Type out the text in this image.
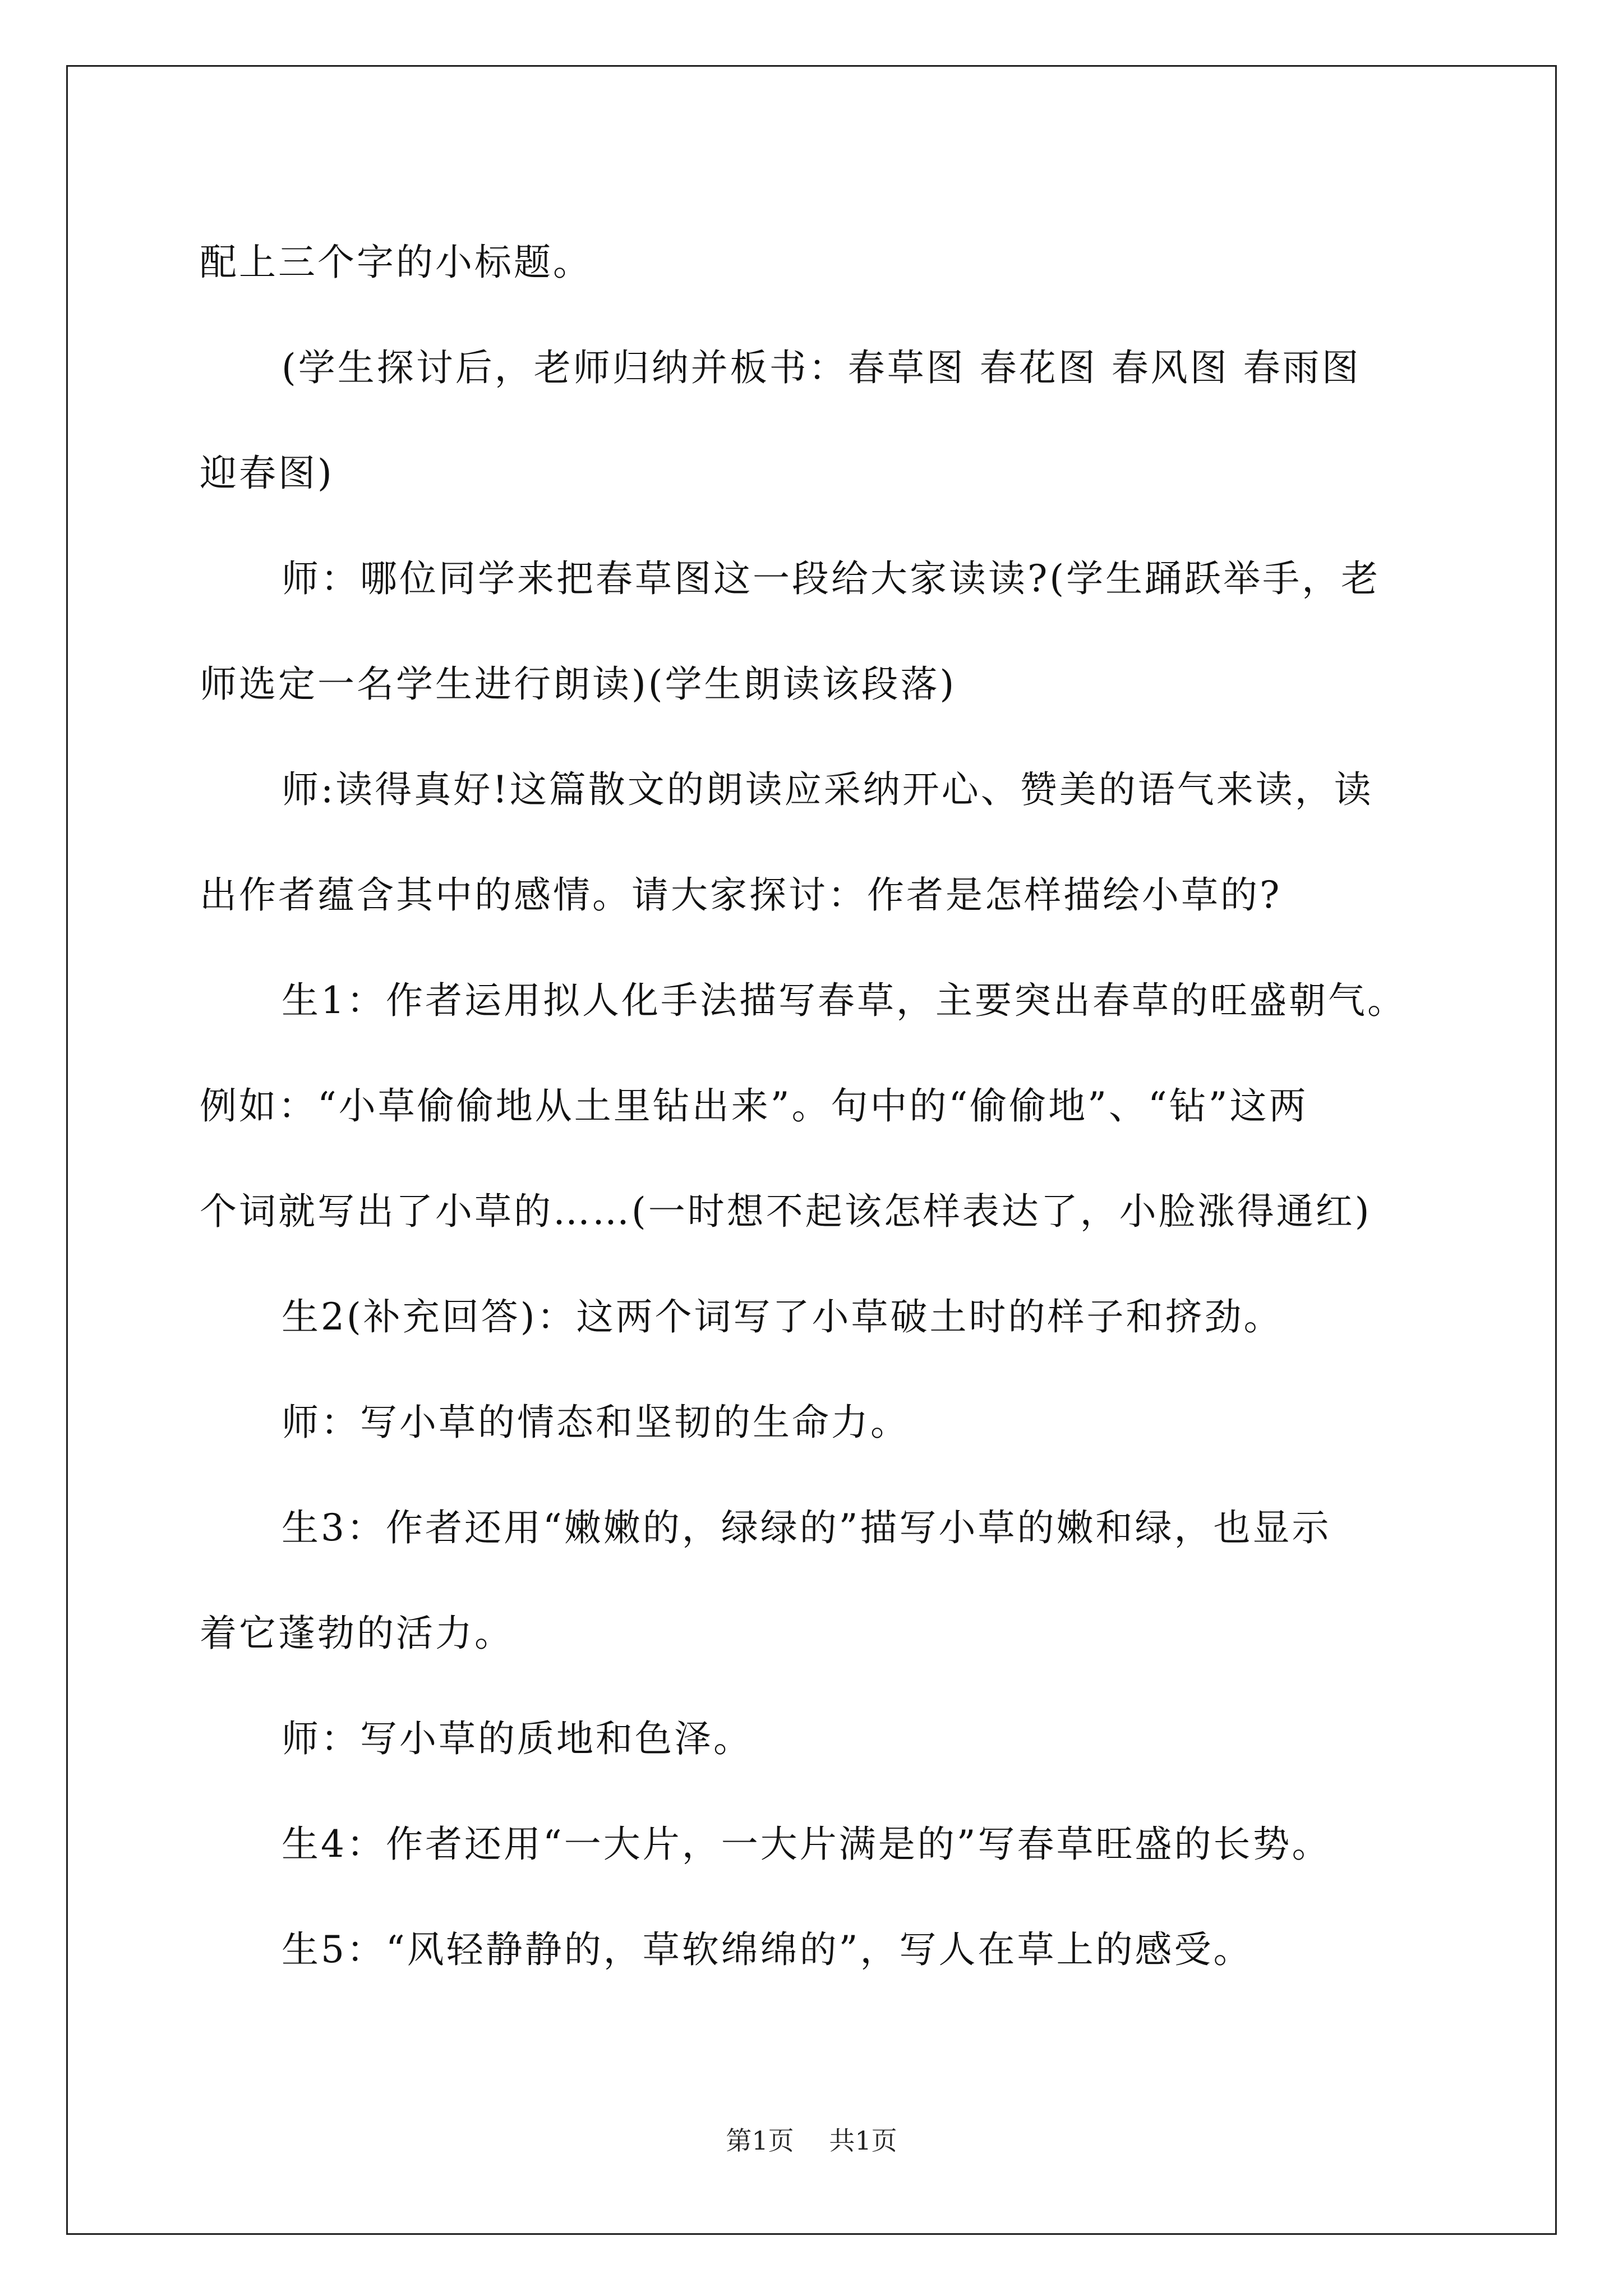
配上三个字的小标题。

(学生探讨后，老师归纳并板书：春草图 春花图 春风图 春雨图

迎春图)

师：哪位同学来把春草图这一段给大家读读?(学生踊跃举手，老

师选定一名学生进行朗读)(学生朗读该段落)

师:读得真好!这篇散文的朗读应采纳开心、赞美的语气来读，读

出作者蕴含其中的感情。请大家探讨：作者是怎样描绘小草的?

生1：作者运用拟人化手法描写春草，主要突出春草的旺盛朝气。

例如：“小草偷偷地从土里钻出来”。句中的“偷偷地”、“钻”这两

个词就写出了小草的……(一时想不起该怎样表达了，小脸涨得通红)

生2(补充回答)：这两个词写了小草破土时的样子和挤劲。

师：写小草的情态和坚韧的生命力。

生3：作者还用“嫩嫩的，绿绿的”描写小草的嫩和绿，也显示

着它蓬勃的活力。

师：写小草的质地和色泽。

生4：作者还用“一大片，一大片满是的”写春草旺盛的长势。

生5：“风轻静静的，草软绵绵的”，写人在草上的感受。

第1页 共1页
